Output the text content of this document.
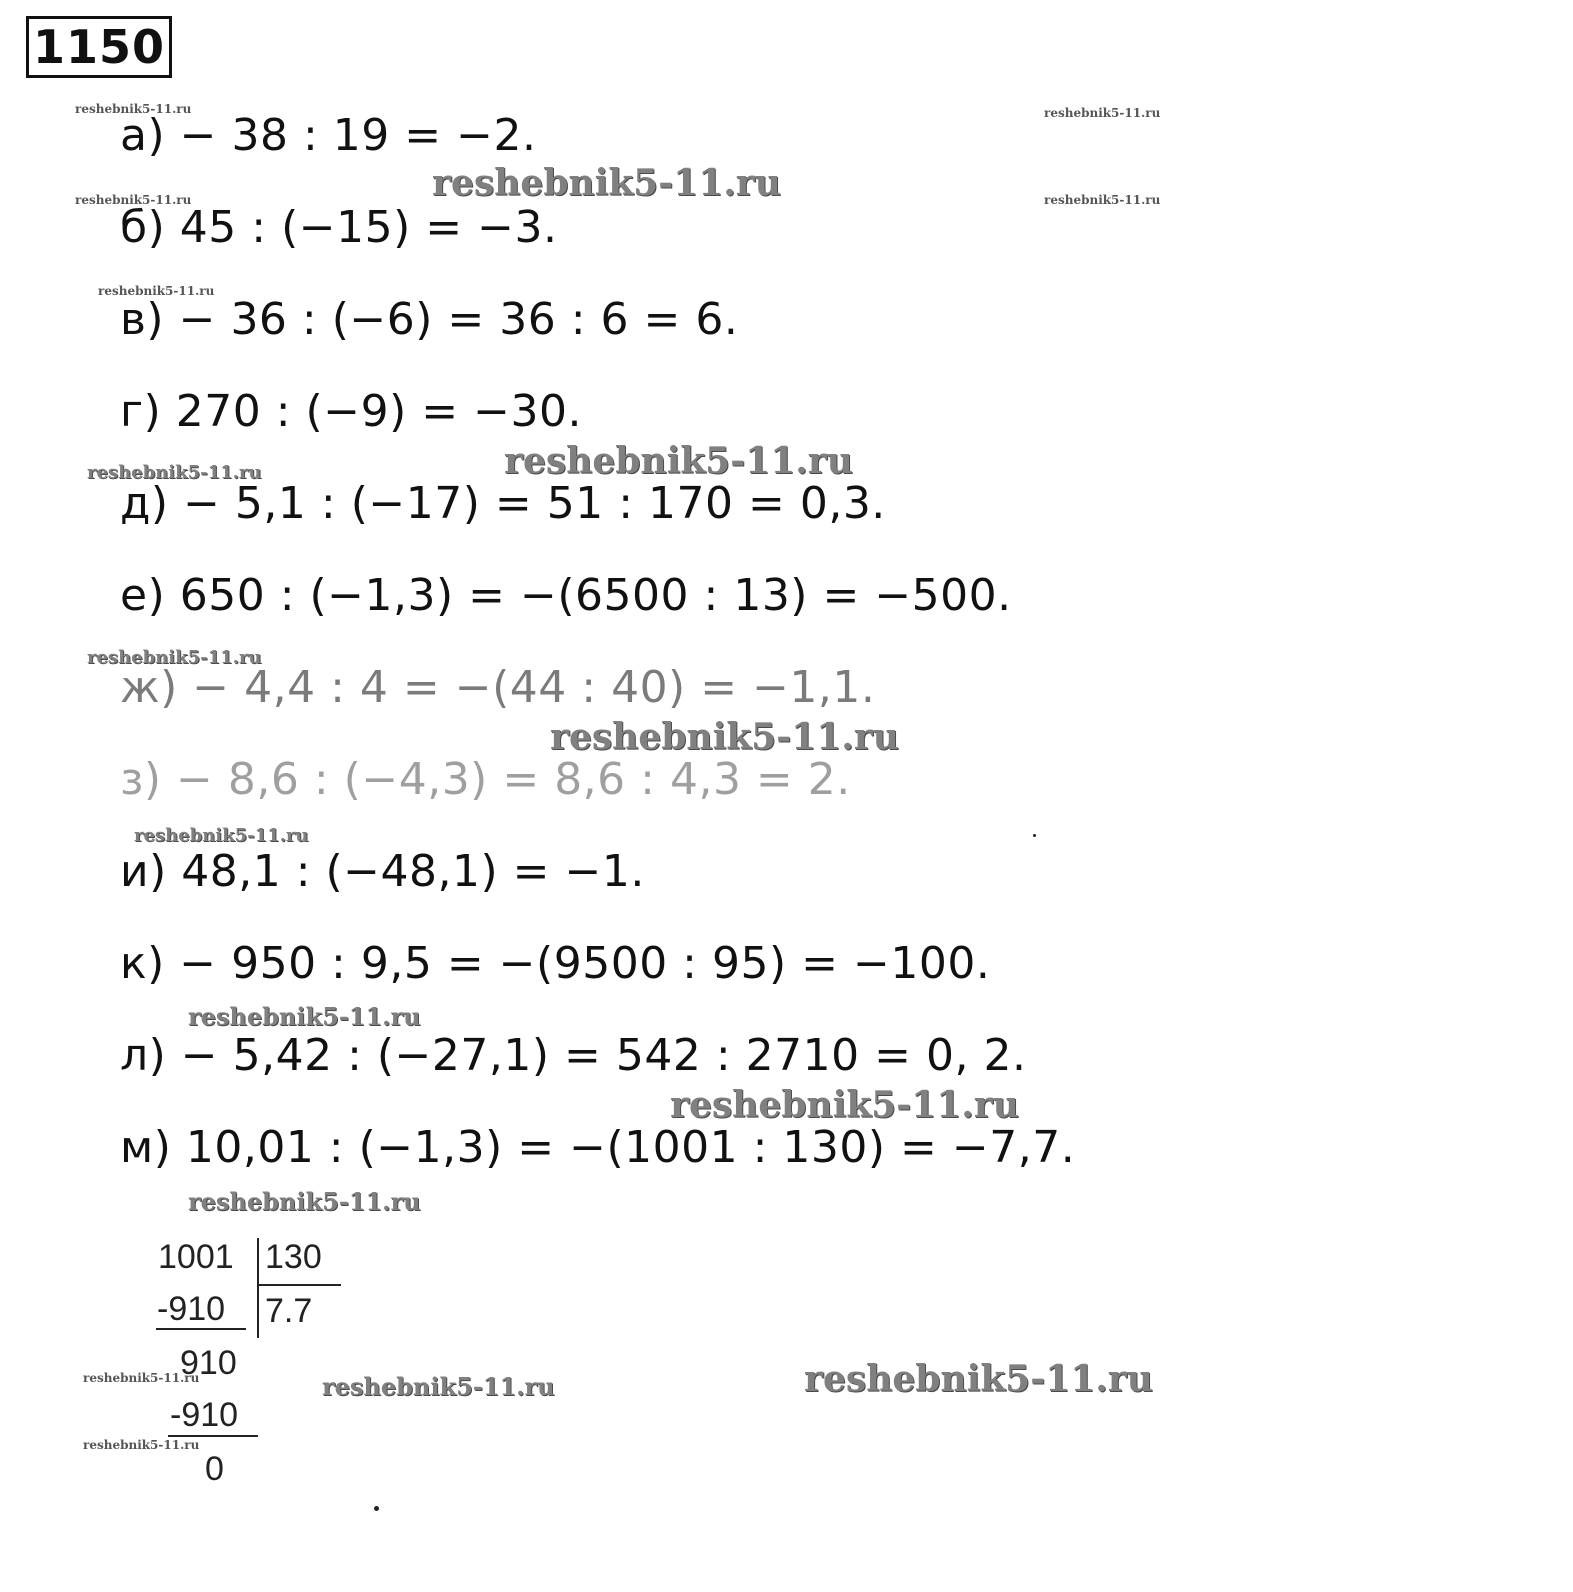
1150
а) − 38 : 19 = −2.
б) 45 : (−15) = −3.
в) − 36 : (−6) = 36 : 6 = 6.
г) 270 : (−9) = −30.
д) − 5,1 : (−17) = 51 : 170 = 0,3.
е) 650 : (−1,3) = −(6500 : 13) = −500.
ж) − 4,4 : 4 = −(44 : 40) = −1,1.
з) − 8,6 : (−4,3) = 8,6 : 4,3 = 2.
и) 48,1 : (−48,1) = −1.
к) − 950 : 9,5 = −(9500 : 95) = −100.
л) − 5,42 : (−27,1) = 542 : 2710 = 0, 2.
м) 10,01 : (−1,3) = −(1001 : 130) = −7,7.
1001 130
-910 7.7
910
-910
0
reshebnik5-11.ru	reshebnik5-11.ru
reshebnik5-11.ru
reshebnik5-11.ru	reshebnik5-11.ru
reshebnik5-11.ru
reshebnik5-11.ru
reshebnik5-11.ru
reshebnik5-11.ru
reshebnik5-11.ru
reshebnik5-11.ru
reshebnik5-11.ru
reshebnik5-11.ru
reshebnik5-11.ru
reshebnik5-11.ru	reshebnik5-11.ru	reshebnik5-11.ru
reshebnik5-11.ru
